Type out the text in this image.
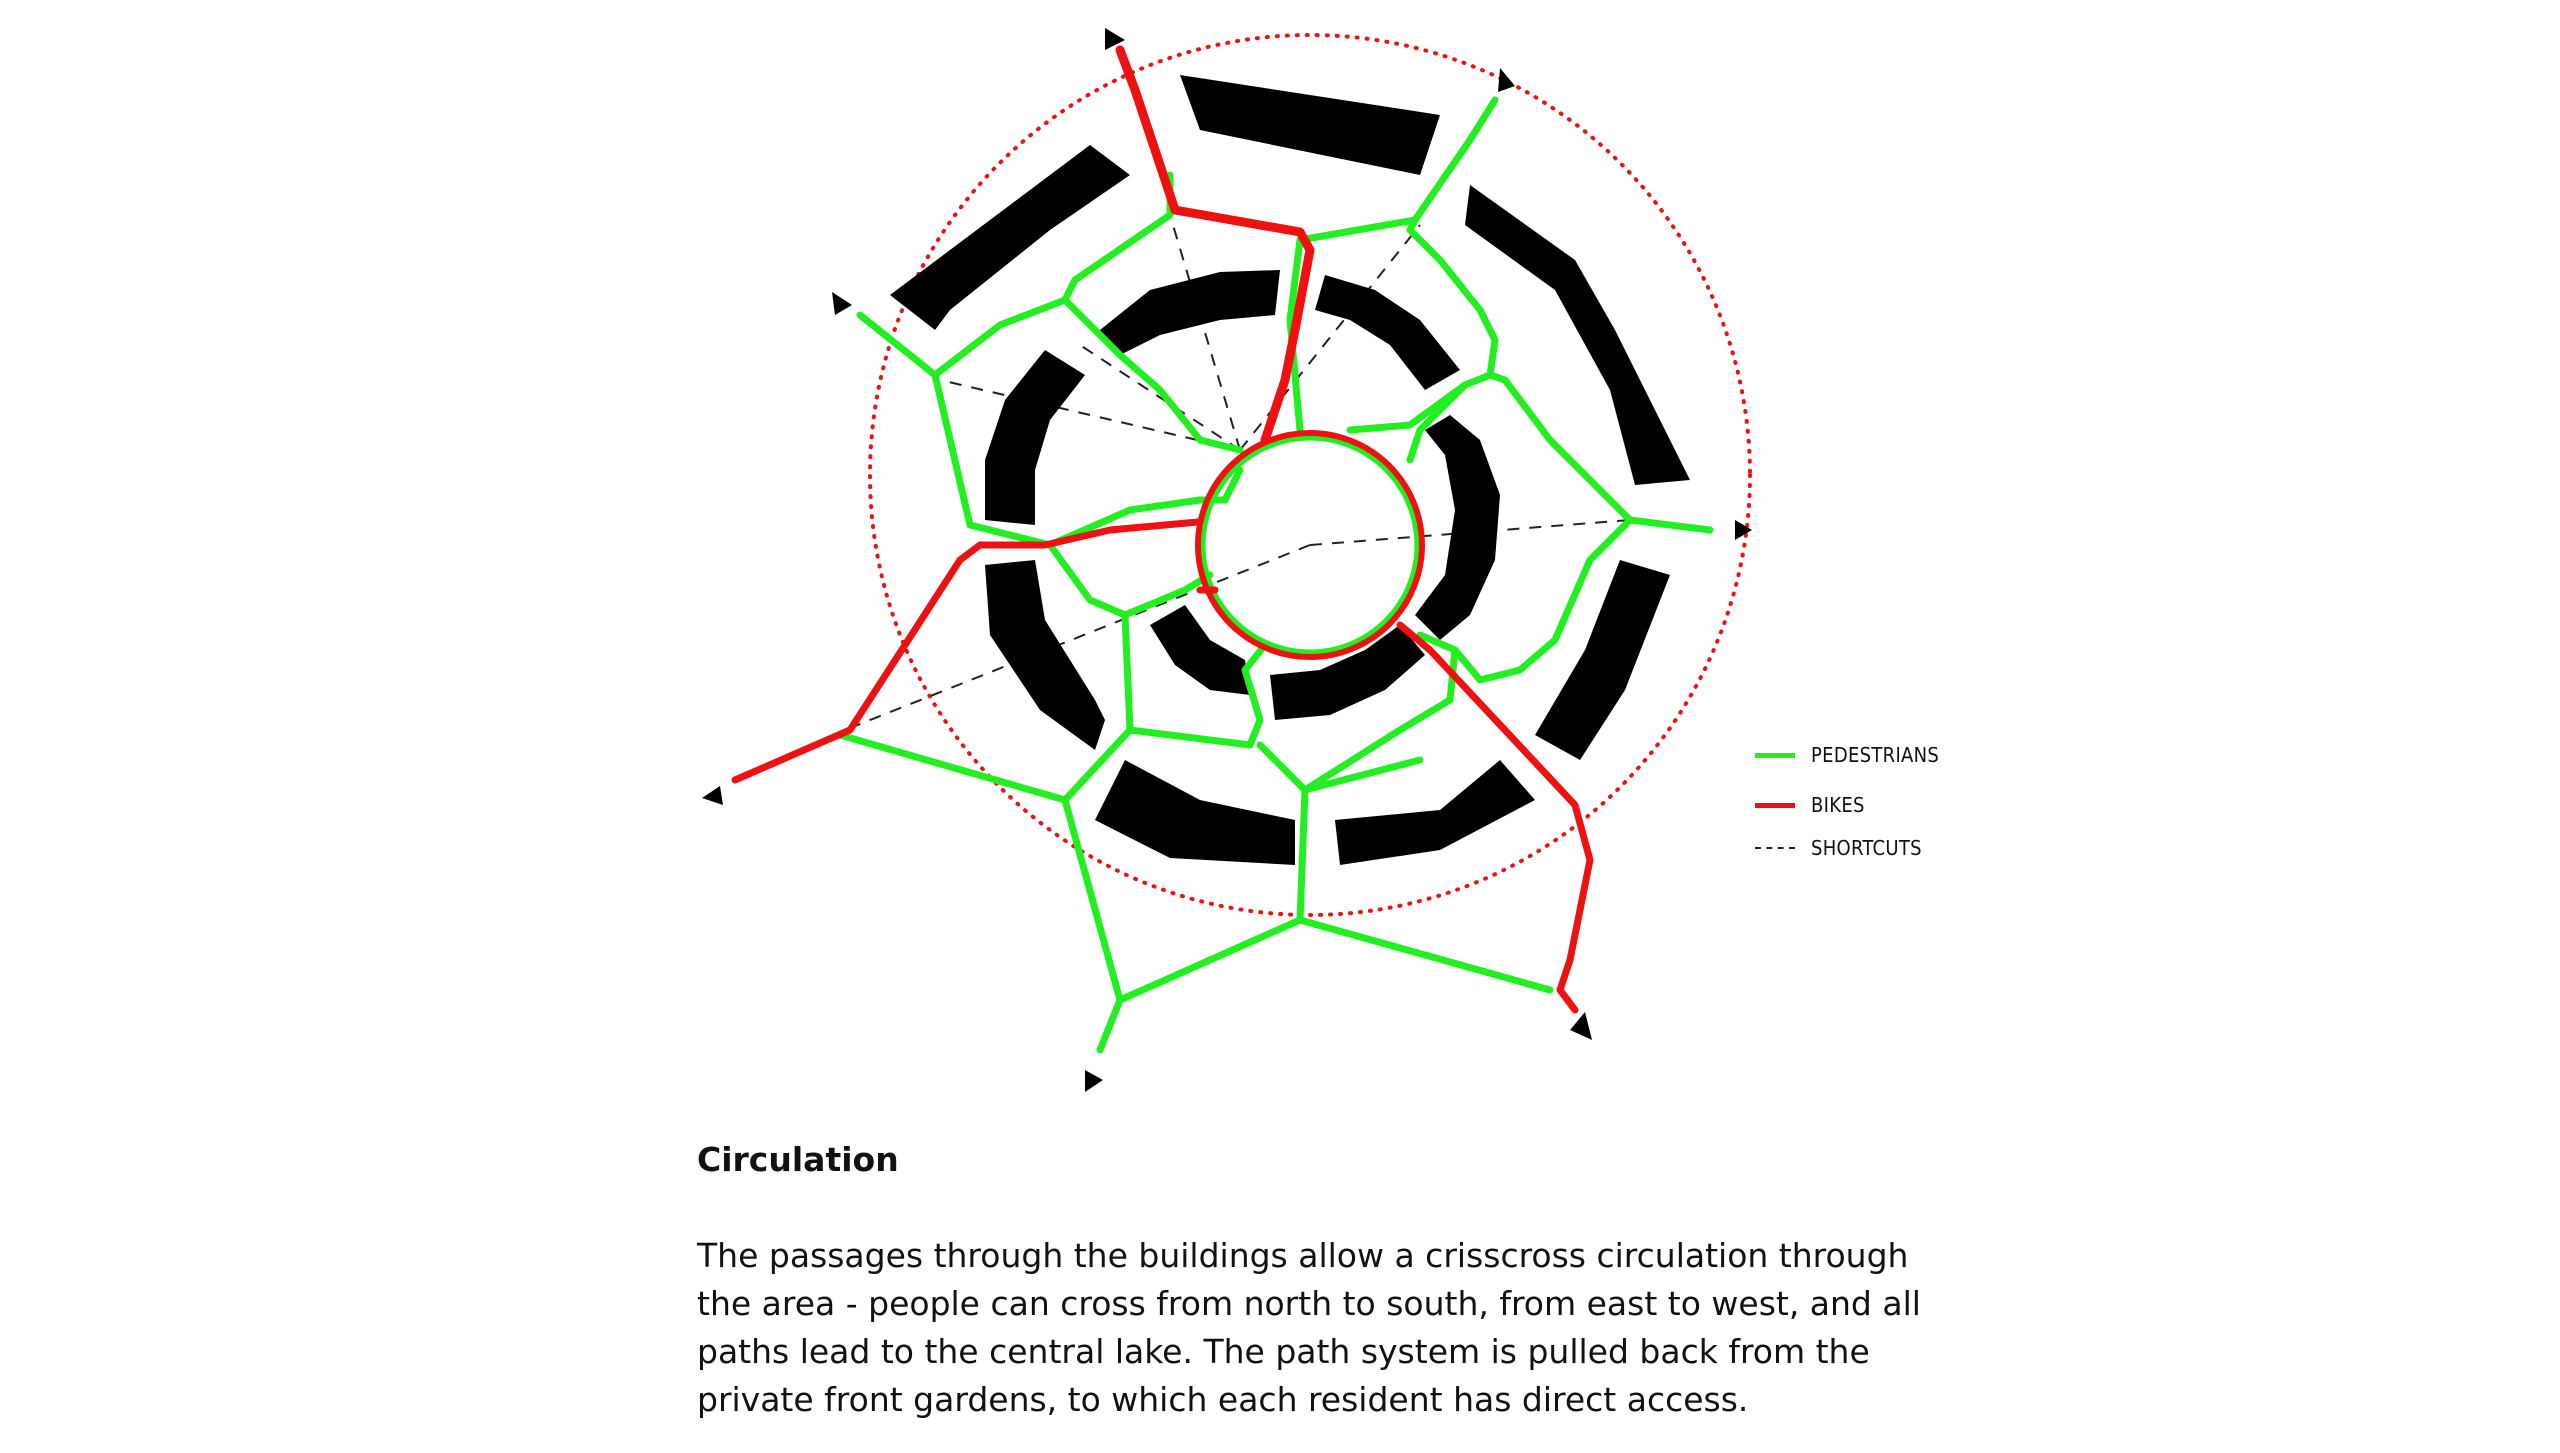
PEDESTRIANS
BIKES
SHORTCUTS
Circulation

The passages through the buildings allow a crisscross circulation through
the area - people can cross from north to south, from east to west, and all
paths lead to the central lake. The path system is pulled back from the
private front gardens, to which each resident has direct access.
